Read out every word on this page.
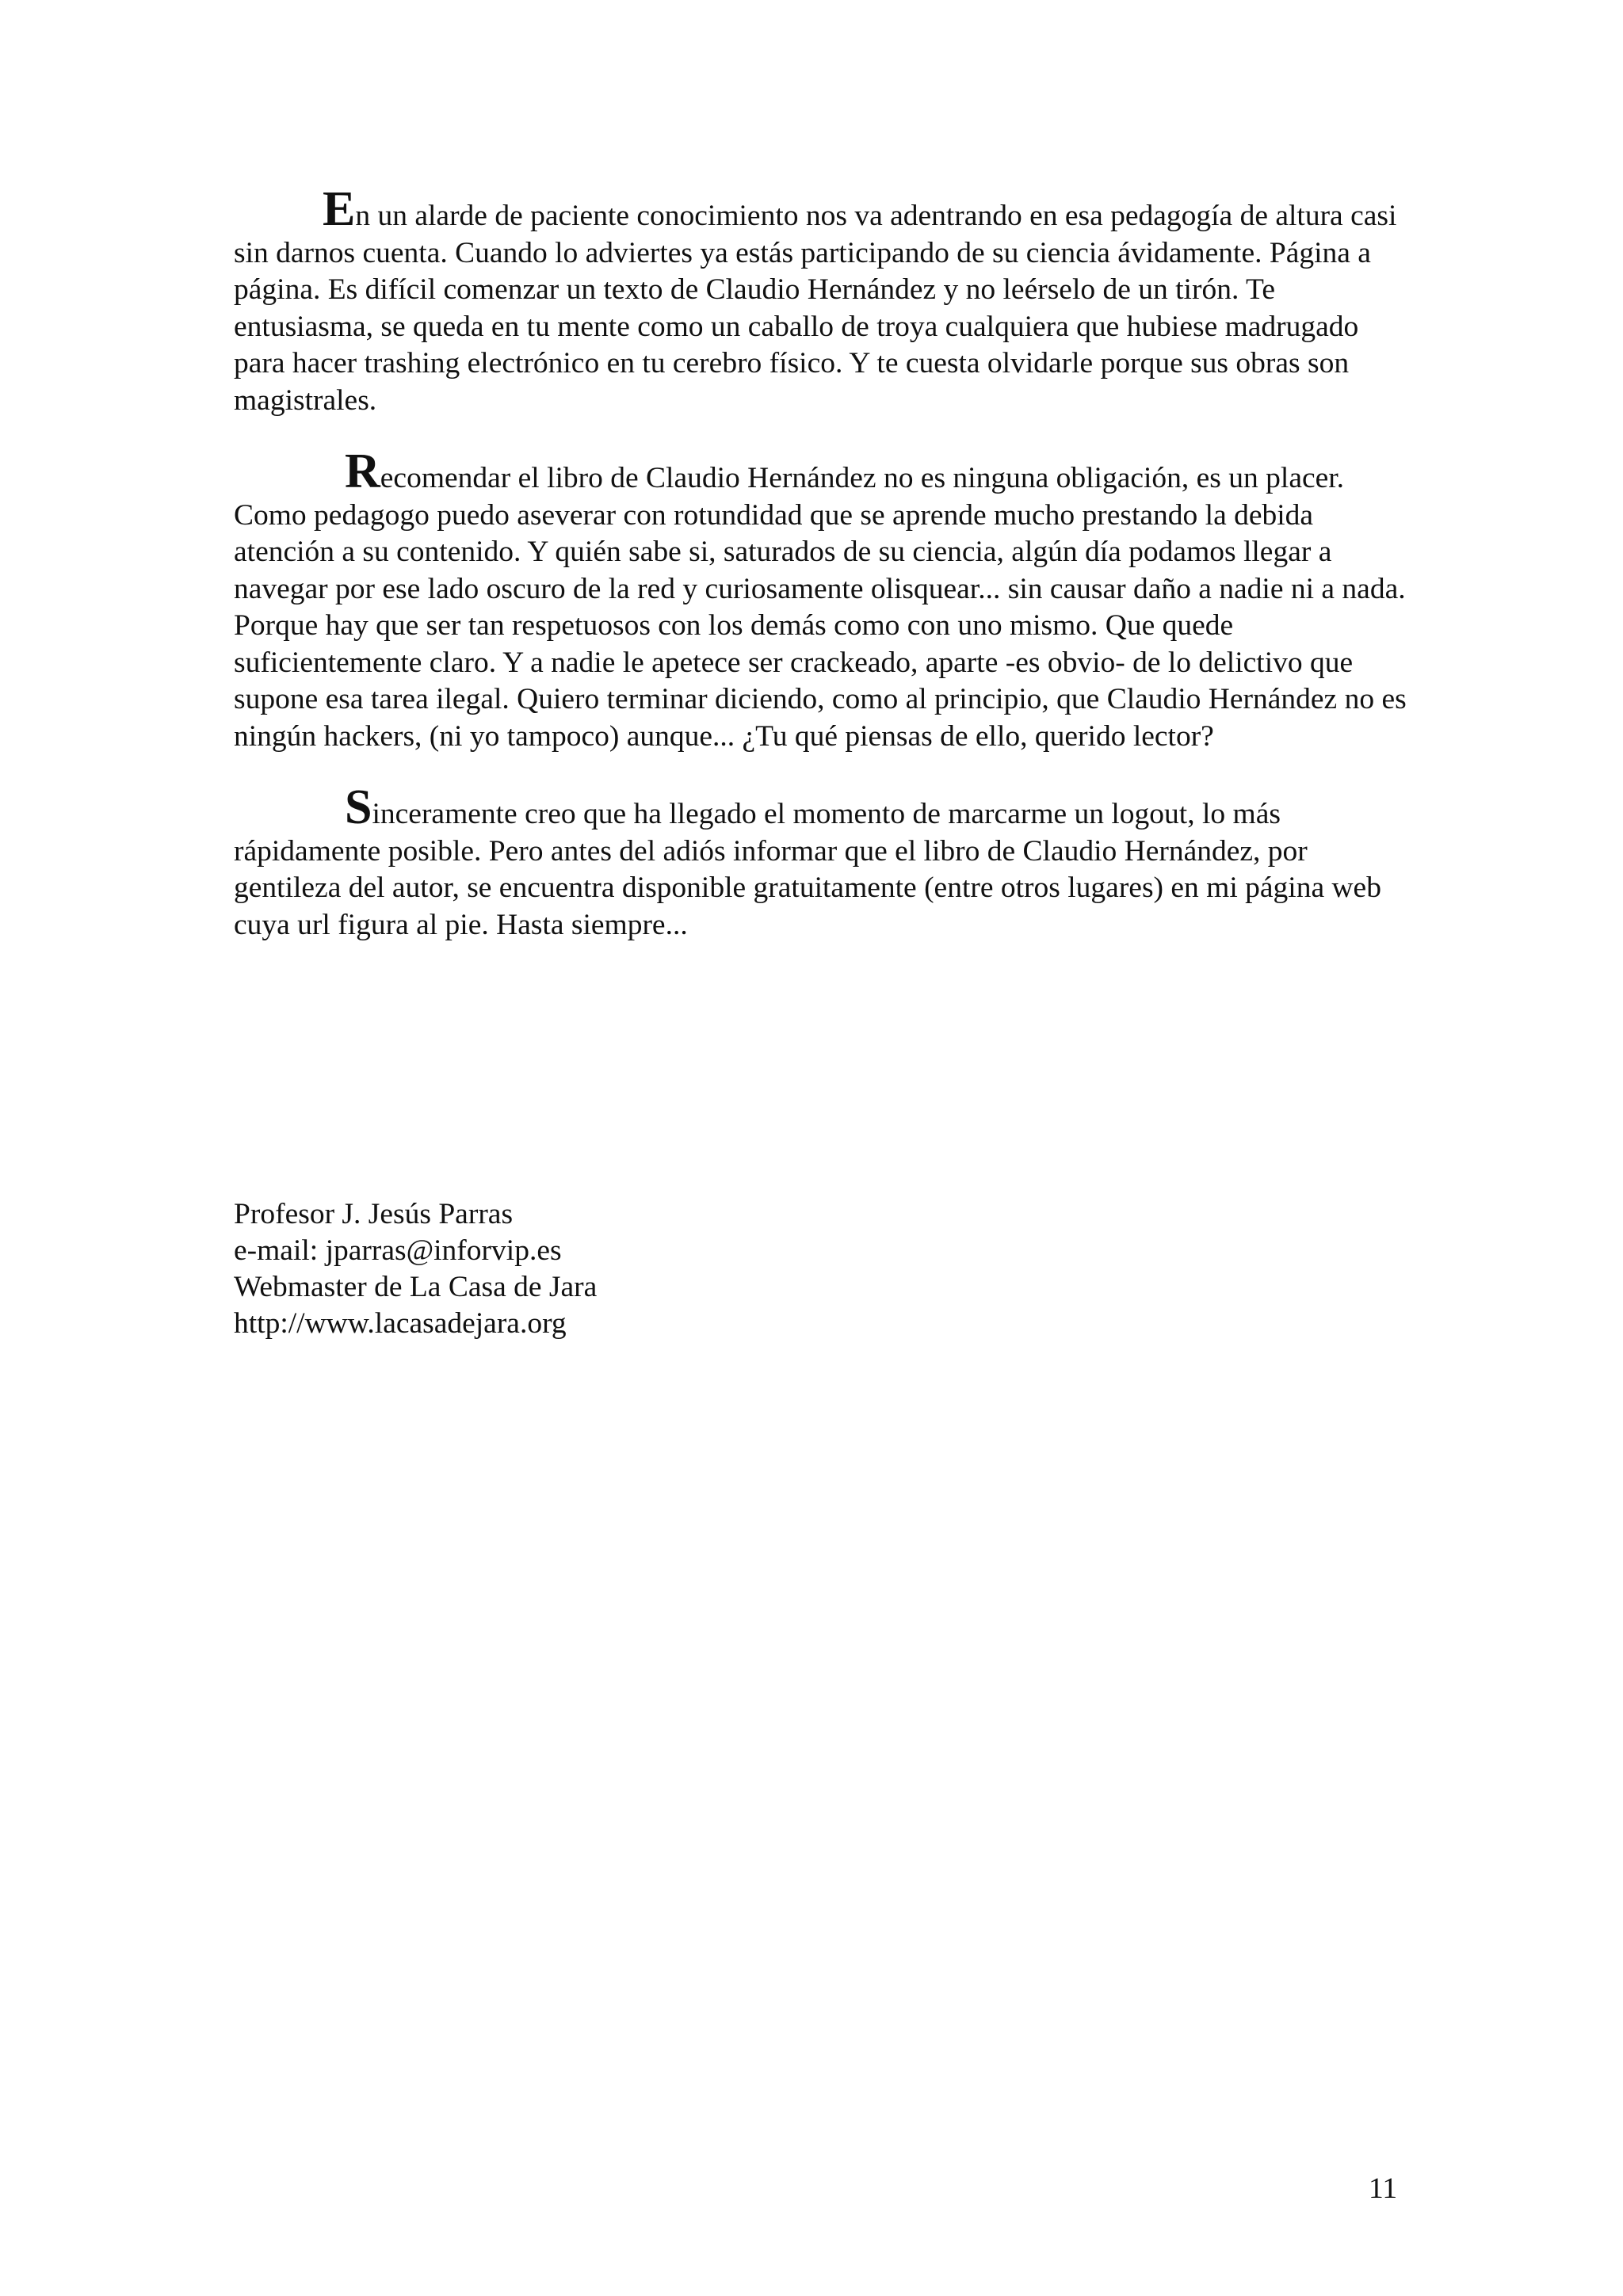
En un alarde de paciente conocimiento nos va adentrando en esa pedagogía de altura casi sin darnos cuenta. Cuando lo adviertes ya estás participando de su ciencia ávidamente. Página a página. Es difícil comenzar un texto de Claudio Hernández y no leérselo de un tirón. Te entusiasma, se queda en tu mente como un caballo de troya cualquiera que hubiese madrugado para hacer trashing electrónico en tu cerebro físico. Y te cuesta olvidarle porque sus obras son magistrales.

Recomendar el libro de Claudio Hernández no es ninguna obligación, es un placer. Como pedagogo puedo aseverar con rotundidad que se aprende mucho prestando la debida atención a su contenido. Y quién sabe si, saturados de su ciencia, algún día podamos llegar a navegar por ese lado oscuro de la red y curiosamente olisquear... sin causar daño a nadie ni a nada. Porque hay que ser tan respetuosos con los demás como con uno mismo. Que quede suficientemente claro. Y a nadie le apetece ser crackeado, aparte -es obvio- de lo delictivo que supone esa tarea ilegal. Quiero terminar diciendo, como al principio, que Claudio Hernández no es ningún hackers, (ni yo tampoco) aunque... ¿Tu qué piensas de ello, querido lector?

Sinceramente creo que ha llegado el momento de marcarme un logout, lo más rápidamente posible. Pero antes del adiós informar que el libro de Claudio Hernández, por gentileza del autor, se encuentra disponible gratuitamente (entre otros lugares) en mi página web cuya url figura al pie. Hasta siempre...

Profesor J. Jesús Parras
e-mail: jparras@inforvip.es
Webmaster de La Casa de Jara
http://www.lacasadejara.org
11
